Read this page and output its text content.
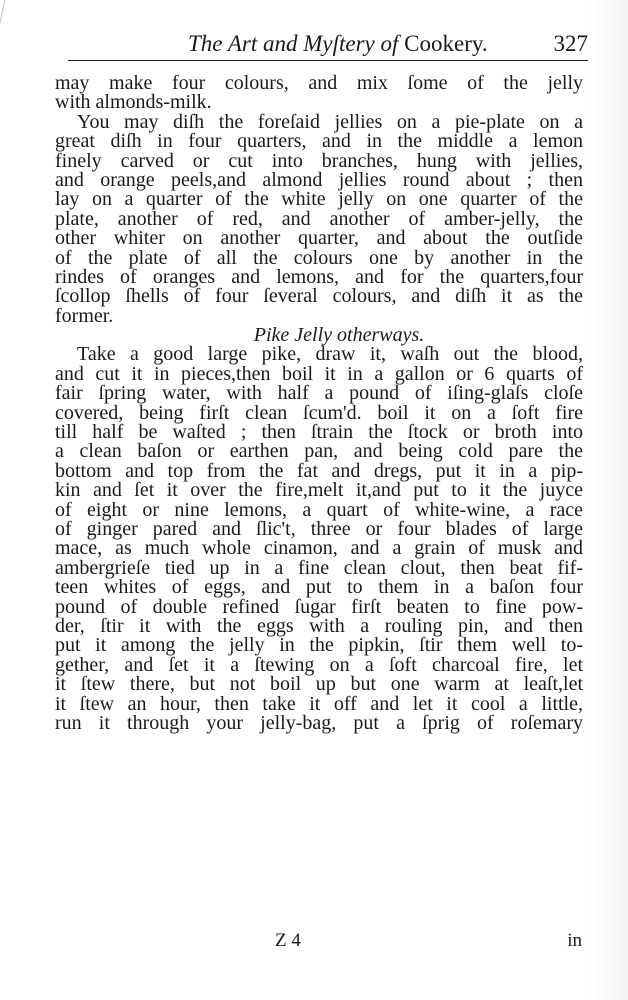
The Art and Myſtery of Cookery.	327
may make four colours, and mix ſome of the jelly
with almonds-milk.
You may diſh the foreſaid jellies on a pie-plate on a
great diſh in four quarters, and in the middle a lemon
finely carved or cut into branches, hung with jellies,
and orange peels,and almond jellies round about ; then
lay on a quarter of the white jelly on one quarter of the
plate, another of red, and another of amber-jelly, the
other whiter on another quarter, and about the outſide
of the plate of all the colours one by another in the
rindes of oranges and lemons, and for the quarters,four
ſcollop ſhells of four ſeveral colours, and diſh it as the
former.
Pike Jelly otherways.
Take a good large pike, draw it, waſh out the blood,
and cut it in pieces,then boil it in a gallon or 6 quarts of
fair ſpring water, with half a pound of iſing-glaſs cloſe
covered, being firſt clean ſcum'd. boil it on a ſoft fire
till half be waſted ; then ſtrain the ſtock or broth into
a clean baſon or earthen pan, and being cold pare the
bottom and top from the fat and dregs, put it in a pip-
kin and ſet it over the fire,melt it,and put to it the juyce
of eight or nine lemons, a quart of white-wine, a race
of ginger pared and ſlic't, three or four blades of large
mace, as much whole cinamon, and a grain of musk and
ambergrieſe tied up in a fine clean clout, then beat fif-
teen whites of eggs, and put to them in a baſon four
pound of double refined ſugar firſt beaten to fine pow-
der, ſtir it with the eggs with a rouling pin, and then
put it among the jelly in the pipkin, ſtir them well to-
gether, and ſet it a ſtewing on a ſoft charcoal fire, let
it ſtew there, but not boil up but one warm at leaſt,let
it ſtew an hour, then take it off and let it cool a little,
run it through your jelly-bag, put a ſprig of roſemary
Z 4	in
